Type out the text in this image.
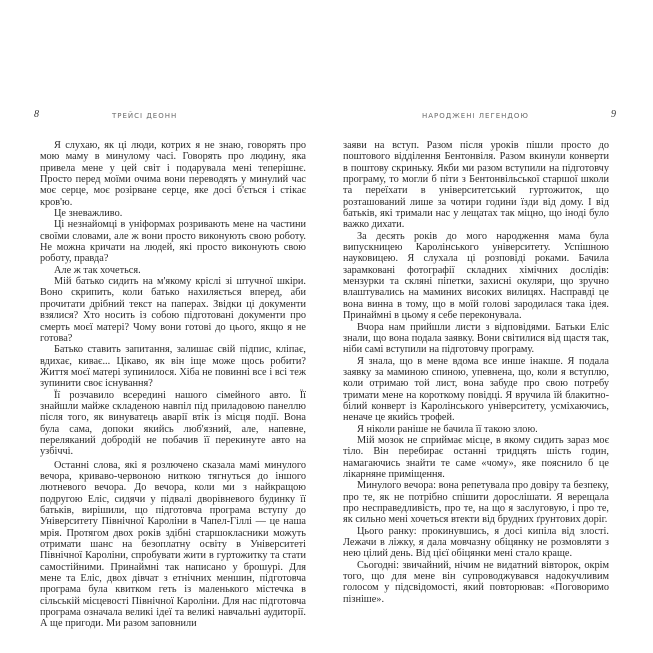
8	ТРЕЙСІ ДЕОНН

Я слухаю, як ці люди, котрих я не знаю, говорять про мою маму в минулому часі. Говорять про людину, яка привела мене у цей світ і подарувала мені теперішнє. Просто перед моїми очима вони переводять у минулий час моє серце, моє розірване серце, яке досі б'ється і стікає кров'ю.

Це зневажливо.

Ці незнайомці в уніформах розривають мене на частини своїми словами, але ж вони просто виконують свою роботу. Не можна кричати на людей, які просто виконують свою роботу, правда?

Але ж так хочеться.

Мій батько сидить на м'якому кріслі зі штучної шкіри. Воно скрипить, коли батько нахиляється вперед, аби прочитати дрібний текст на паперах. Звідки ці документи взялися? Хто носить із собою підготовані документи про смерть моєї матері? Чому вони готові до цього, якщо я не готова?

Батько ставить запитання, залишає свій підпис, кліпає, вдихає, киває... Цікаво, як він іще може щось робити? Життя моєї матері зупинилося. Хіба не повинні все і всі теж зупинити своє існування?

Її розчавило всередині нашого сімейного авто. Її знайшли майже складеною навпіл під приладовою панеллю після того, як винуватець аварії втік із місця події. Вона була сама, допоки якийсь люб'язний, але, напевне, переляканий добродій не побачив її перекинуте авто на узбіччі.

Останні слова, які я розлючено сказала мамі минулого вечора, криваво-червоною ниткою тягнуться до іншого лютневого вечора. До вечора, коли ми з найкращою подругою Еліс, сидячи у підвалі дворівневого будинку її батьків, вирішили, що підготовча програма вступу до Університету Північної Кароліни в Чапел-Гіллі — це наша мрія. Протягом двох років здібні старшокласники можуть отримати шанс на безоплатну освіту в Університеті Північної Кароліни, спробувати жити в гуртожитку та стати самостійними. Принаймні так написано у брошурі. Для мене та Еліс, двох дівчат з етнічних меншин, підготовча програма була квитком геть із маленького містечка в сільській місцевості Північної Кароліни. Для нас підготовча програма означала великі ідеї та великі навчальні аудиторії. А ще пригоди. Ми разом заповнили

НАРОДЖЕНІ ЛЕГЕНДОЮ	9

заяви на вступ. Разом після уроків пішли просто до поштового відділення Бентонвіля. Разом вкинули конверти в поштову скриньку. Якби ми разом вступили на підготовчу програму, то могли б піти з Бентонвільської старшої школи та переїхати в університетський гуртожиток, що розташований лише за чотири години їзди від дому. І від батьків, які тримали нас у лещатах так міцно, що іноді було важко дихати.

За десять років до мого народження мама була випускницею Каролінського університету. Успішною науковицею. Я слухала ці розповіді роками. Бачила зарамковані фотографії складних хімічних дослідів: мензурки та скляні піпетки, захисні окуляри, що зручно влаштувались на маминих високих вилицях. Насправді це вона винна в тому, що в моїй голові зародилася така ідея. Принаймні в цьому я себе переконувала.

Вчора нам прийшли листи з відповідями. Батьки Еліс знали, що вона подала заявку. Вони світилися від щастя так, ніби самі вступили на підготовчу програму.

Я знала, що в мене вдома все инше інакше. Я подала заявку за маминою спиною, упевнена, що, коли я вступлю, коли отримаю той лист, вона забуде про свою потребу тримати мене на короткому повідці. Я вручила їй блакитно-білий конверт із Каролінського університету, усміхаючись, неначе це якийсь трофей.

Я ніколи раніше не бачила її такою злою.

Мій мозок не сприймає місце, в якому сидить зараз моє тіло. Він перебирає останні тридцять шість годин, намагаючись знайти те саме «чому», яке пояснило б це лікарняне приміщення.

Минулого вечора: вона репетувала про довіру та безпеку, про те, як не потрібно спішити дорослішати. Я верещала про несправедливість, про те, на що я заслуговую, і про те, як сильно мені хочеться втекти від брудних ґрунтових доріг.

Цього ранку: прокинувшись, я досі кипіла від злості. Лежачи в ліжку, я дала мовчазну обіцянку не розмовляти з нею цілий день. Від цієї обіцянки мені стало краще.

Сьогодні: звичайний, нічим не видатний вівторок, окрім того, що для мене він супроводжувався надокучливим голосом у підсвідомості, який повторював: «Поговоримо пізніше».
